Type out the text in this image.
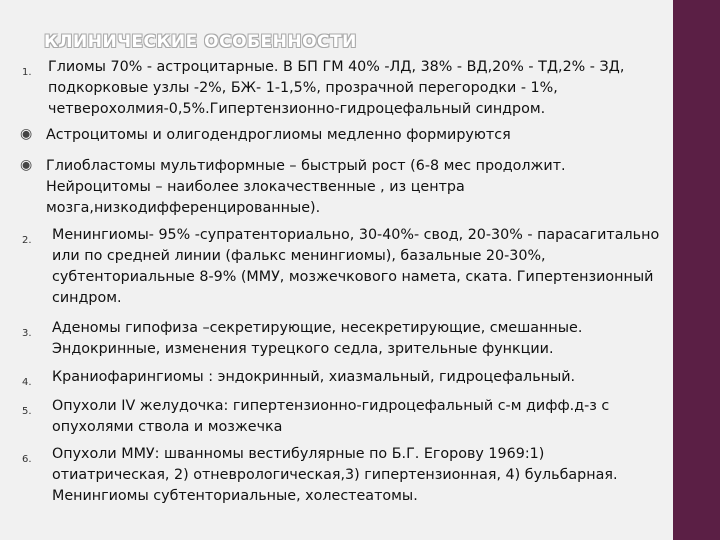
КЛИНИЧЕСКИЕ ОСОБЕННОСТИ
1. Глиомы 70% - астроцитарные. В БП ГМ 40% -ЛД, 38% - ВД,20% - ТД,2% - ЗД, подкорковые узлы -2%, БЖ- 1-1,5%, прозрачной перегородки - 1%, четверохолмия-0,5%.Гипертензионно-гидроцефальный синдром.
◉ Астроцитомы и олигодендроглиомы медленно формируются
◉ Глиобластомы мультиформные – быстрый рост (6-8 мес продолжит. Нейроцитомы – наиболее злокачественные , из центра мозга,низкодифференцированные).
2. Менингиомы- 95% -супратенториально, 30-40%- свод, 20-30% - парасагитально или по средней линии (фалькс менингиомы), базальные 20-30%, субтенториальные 8-9% (ММУ, мозжечкового намета, ската. Гипертензионный синдром.
3. Аденомы гипофиза –секретирующие, несекретирующие, смешанные. Эндокринные, изменения турецкого седла, зрительные функции.
4. Краниофарингиомы : эндокринный, хиазмальный, гидроцефальный.
5. Опухоли IV желудочка: гипертензионно-гидроцефальный с-м дифф.д-з с опухолями ствола и мозжечка
6. Опухоли ММУ: шванномы вестибулярные по Б.Г. Егорову 1969:1) отиатрическая, 2) отневрологическая,3) гипертензионная, 4) бульбарная. Менингиомы субтенториальные, холестеатомы.
